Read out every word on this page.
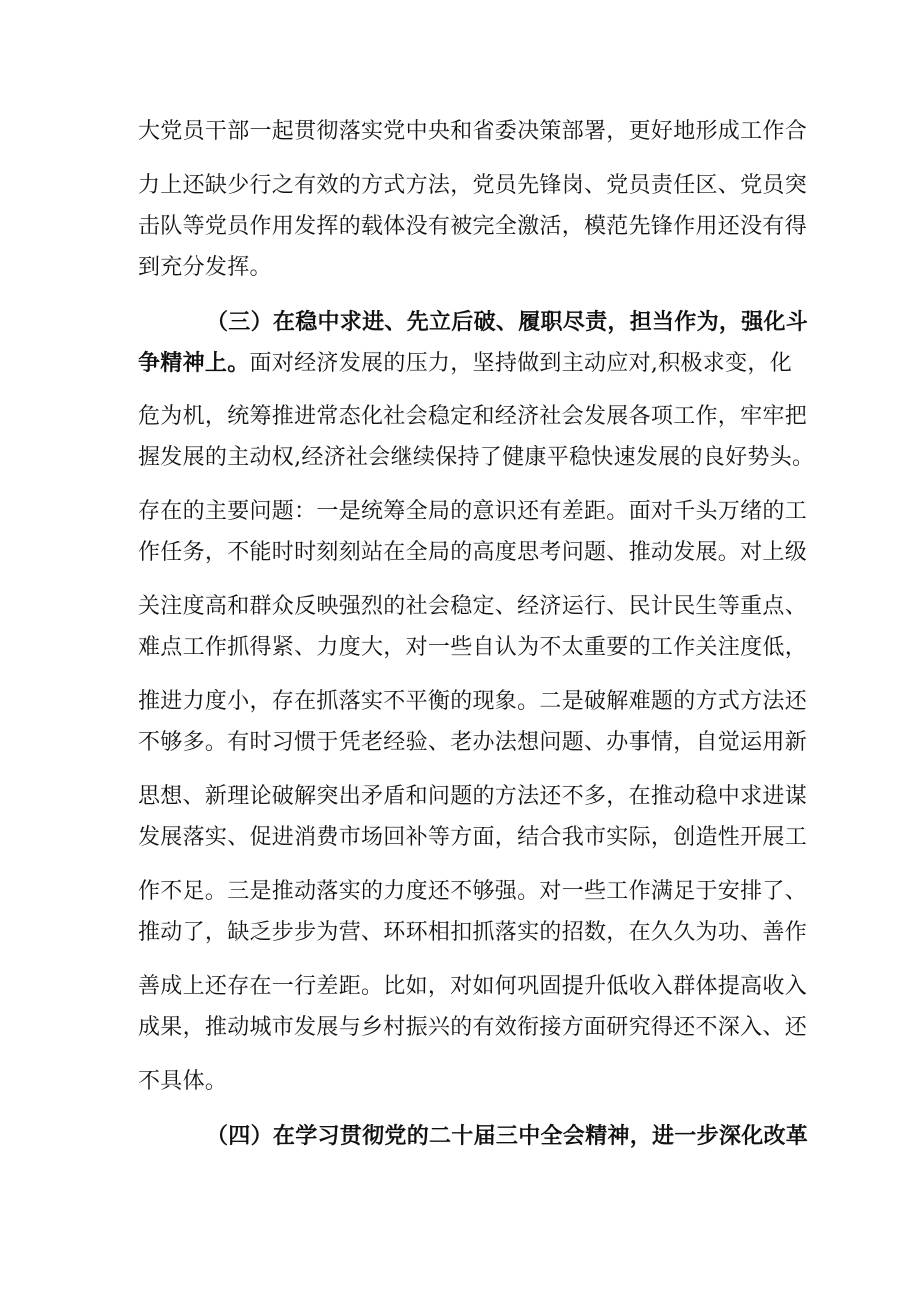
大党员干部一起贯彻落实党中央和省委决策部署，更好地形成工作合
力上还缺少行之有效的方式方法，党员先锋岗、党员责任区、党员突
击队等党员作用发挥的载体没有被完全激活，模范先锋作用还没有得
到充分发挥。
（三）在稳中求进、先立后破、履职尽责，担当作为，强化斗
争精神上。面对经济发展的压力，坚持做到主动应对,积极求变，化
危为机，统筹推进常态化社会稳定和经济社会发展各项工作，牢牢把
握发展的主动权,经济社会继续保持了健康平稳快速发展的良好势头。
存在的主要问题：一是统筹全局的意识还有差距。面对千头万绪的工
作任务，不能时时刻刻站在全局的高度思考问题、推动发展。对上级
关注度高和群众反映强烈的社会稳定、经济运行、民计民生等重点、
难点工作抓得紧、力度大，对一些自认为不太重要的工作关注度低，
推进力度小，存在抓落实不平衡的现象。二是破解难题的方式方法还
不够多。有时习惯于凭老经验、老办法想问题、办事情，自觉运用新
思想、新理论破解突出矛盾和问题的方法还不多，在推动稳中求进谋
发展落实、促进消费市场回补等方面，结合我市实际，创造性开展工
作不足。三是推动落实的力度还不够强。对一些工作满足于安排了、
推动了，缺乏步步为营、环环相扣抓落实的招数，在久久为功、善作
善成上还存在一行差距。比如，对如何巩固提升低收入群体提高收入
成果，推动城市发展与乡村振兴的有效衔接方面研究得还不深入、还
不具体。
（四）在学习贯彻党的二十届三中全会精神，进一步深化改革
